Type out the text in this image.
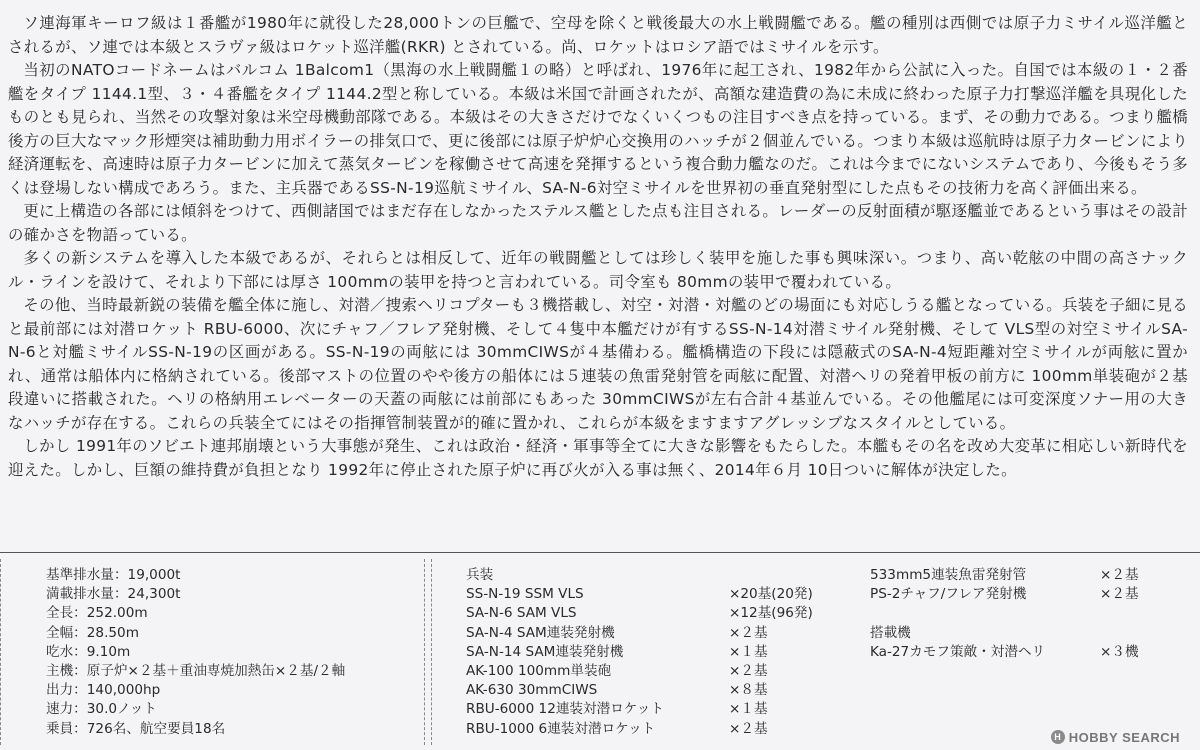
ソ連海軍キーロフ級は１番艦が1980年に就役した28,000トンの巨艦で、空母を除くと戦後最大の水上戦闘艦である。艦の種別は西側では原子力ミサイル巡洋艦とされるが、ソ連では本級とスラヴァ級はロケット巡洋艦(RKR) とされている。尚、ロケットはロシア語ではミサイルを示す。

当初のNATOコードネームはバルコム 1Balcom1（黒海の水上戦闘艦１の略）と呼ばれ、1976年に起工され、1982年から公試に入った。自国では本級の１・２番艦をタイプ 1144.1型、３・４番艦をタイプ 1144.2型と称している。本級は米国で計画されたが、高額な建造費の為に未成に終わった原子力打撃巡洋艦を具現化したものとも見られ、当然その攻撃対象は米空母機動部隊である。本級はその大きさだけでなくいくつもの注目すべき点を持っている。まず、その動力である。つまり艦橋後方の巨大なマック形煙突は補助動力用ボイラーの排気口で、更に後部には原子炉炉心交換用のハッチが２個並んでいる。つまり本級は巡航時は原子力タービンにより経済運転を、高速時は原子力タービンに加えて蒸気タービンを稼働させて高速を発揮するという複合動力艦なのだ。これは今までにないシステムであり、今後もそう多くは登場しない構成であろう。また、主兵器であるSS-N-19巡航ミサイル、SA-N-6対空ミサイルを世界初の垂直発射型にした点もその技術力を高く評価出来る。

更に上構造の各部には傾斜をつけて、西側諸国ではまだ存在しなかったステルス艦とした点も注目される。レーダーの反射面積が駆逐艦並であるという事はその設計の確かさを物語っている。

多くの新システムを導入した本級であるが、それらとは相反して、近年の戦闘艦としては珍しく装甲を施した事も興味深い。つまり、高い乾舷の中間の高さナックル・ラインを設けて、それより下部には厚さ 100mmの装甲を持つと言われている。司令室も 80mmの装甲で覆われている。

その他、当時最新鋭の装備を艦全体に施し、対潜／捜索ヘリコプターも３機搭載し、対空・対潜・対艦のどの場面にも対応しうる艦となっている。兵装を子細に見ると最前部には対潜ロケット RBU-6000、次にチャフ／フレア発射機、そして４隻中本艦だけが有するSS-N-14対潜ミサイル発射機、そして VLS型の対空ミサイルSA-N-6と対艦ミサイルSS-N-19の区画がある。SS-N-19の両舷には 30mmCIWSが４基備わる。艦橋構造の下段には隠蔽式のSA-N-4短距離対空ミサイルが両舷に置かれ、通常は船体内に格納されている。後部マストの位置のやや後方の船体には５連装の魚雷発射管を両舷に配置、対潜ヘリの発着甲板の前方に 100mm単装砲が２基段違いに搭載された。ヘリの格納用エレベーターの天蓋の両舷には前部にもあった 30mmCIWSが左右合計４基並んでいる。その他艦尾には可変深度ソナー用の大きなハッチが存在する。これらの兵装全てにはその指揮管制装置が的確に置かれ、これらが本級をますますアグレッシブなスタイルとしている。

しかし 1991年のソビエト連邦崩壊という大事態が発生、これは政治・経済・軍事等全てに大きな影響をもたらした。本艦もその名を改め大変革に相応しい新時代を迎えた。しかし、巨額の維持費が負担となり 1992年に停止された原子炉に再び火が入る事は無く、2014年６月 10日ついに解体が決定した。

基準排水量：19,000t
満載排水量：24,300t
全長：252.00m
全幅：28.50m
吃水：9.10m
主機：原子炉×２基＋重油専焼加熱缶×２基/２軸
出力：140,000hp
速力：30.0ノット
乗員：726名、航空要員18名
兵装
SS-N-19 SSM VLS	×20基(20発)
SA-N-6 SAM VLS	×12基(96発)
SA-N-4 SAM連装発射機	×２基
SA-N-14 SAM連装発射機	×１基
AK-100 100mm単装砲	×２基
AK-630 30mmCIWS	×８基
RBU-6000 12連装対潜ロケット	×１基
RBU-1000 6連装対潜ロケット	×２基
533mm5連装魚雷発射管	×２基
PS-2チャフ/フレア発射機	×２基
搭載機
Ka-27カモフ策敵・対潜ヘリ	×３機
H HOBBY SEARCH
